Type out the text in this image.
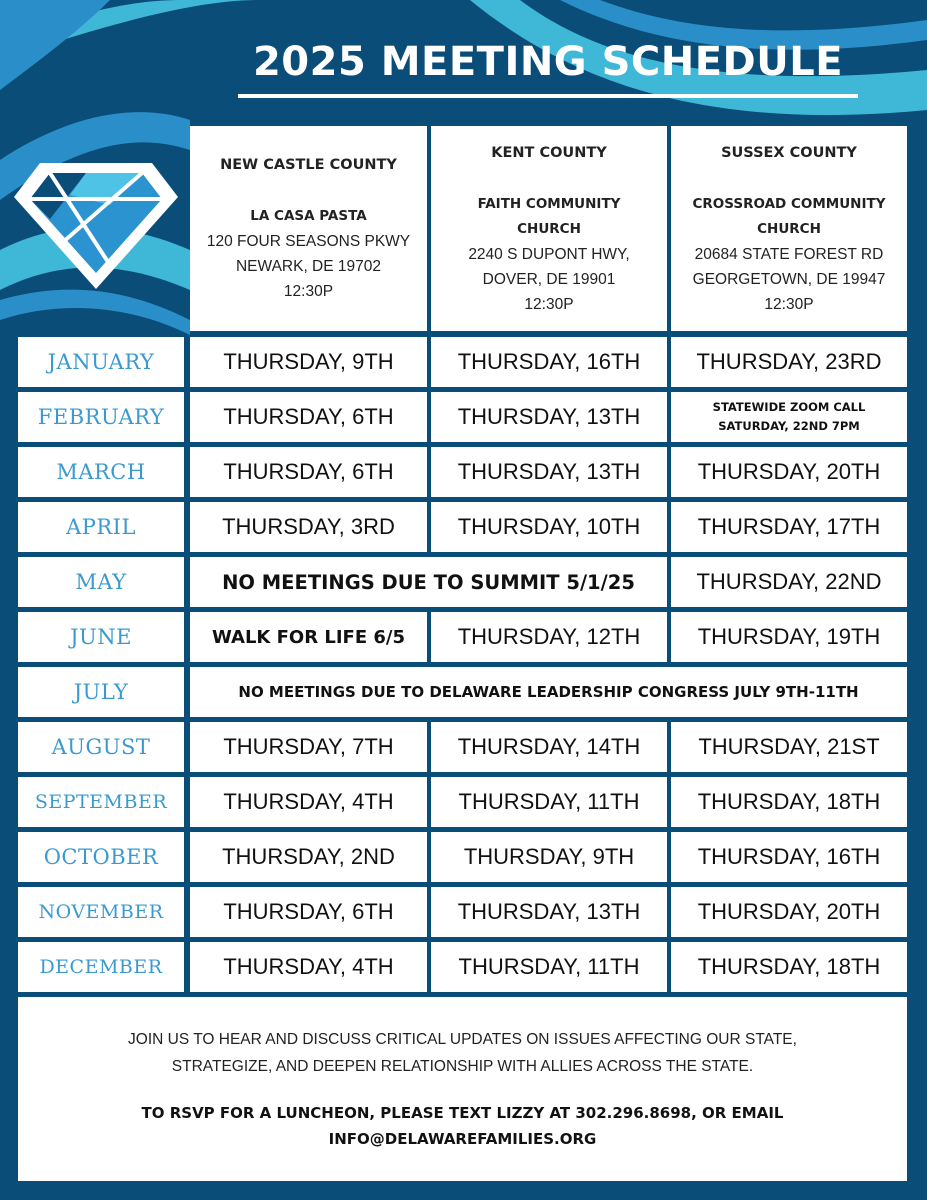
2025 MEETING SCHEDULE
NEW CASTLE COUNTY
LA CASA PASTA
120 FOUR SEASONS PKWY
NEWARK, DE 19702
12:30P
KENT COUNTY
FAITH COMMUNITY CHURCH
2240 S DUPONT HWY,
DOVER, DE 19901
12:30P
SUSSEX COUNTY
CROSSROAD COMMUNITY CHURCH
20684 STATE FOREST RD
GEORGETOWN, DE 19947
12:30P
JANUARY	THURSDAY, 9TH	THURSDAY, 16TH	THURSDAY, 23RD
FEBRUARY	THURSDAY, 6TH	THURSDAY, 13TH	STATEWIDE ZOOM CALL
SATURDAY, 22ND 7PM
MARCH	THURSDAY, 6TH	THURSDAY, 13TH	THURSDAY, 20TH
APRIL	THURSDAY, 3RD	THURSDAY, 10TH	THURSDAY, 17TH
MAY	NO MEETINGS DUE TO SUMMIT 5/1/25	THURSDAY, 22ND
JUNE	WALK FOR LIFE 6/5	THURSDAY, 12TH	THURSDAY, 19TH
JULY	NO MEETINGS DUE TO DELAWARE LEADERSHIP CONGRESS JULY 9TH-11TH
AUGUST	THURSDAY, 7TH	THURSDAY, 14TH	THURSDAY, 21ST
SEPTEMBER	THURSDAY, 4TH	THURSDAY, 11TH	THURSDAY, 18TH
OCTOBER	THURSDAY, 2ND	THURSDAY, 9TH	THURSDAY, 16TH
NOVEMBER	THURSDAY, 6TH	THURSDAY, 13TH	THURSDAY, 20TH
DECEMBER	THURSDAY, 4TH	THURSDAY, 11TH	THURSDAY, 18TH
JOIN US TO HEAR AND DISCUSS CRITICAL UPDATES ON ISSUES AFFECTING OUR STATE,
STRATEGIZE, AND DEEPEN RELATIONSHIP WITH ALLIES ACROSS THE STATE.
TO RSVP FOR A LUNCHEON, PLEASE TEXT LIZZY AT 302.296.8698, OR EMAIL
INFO@DELAWAREFAMILIES.ORG
